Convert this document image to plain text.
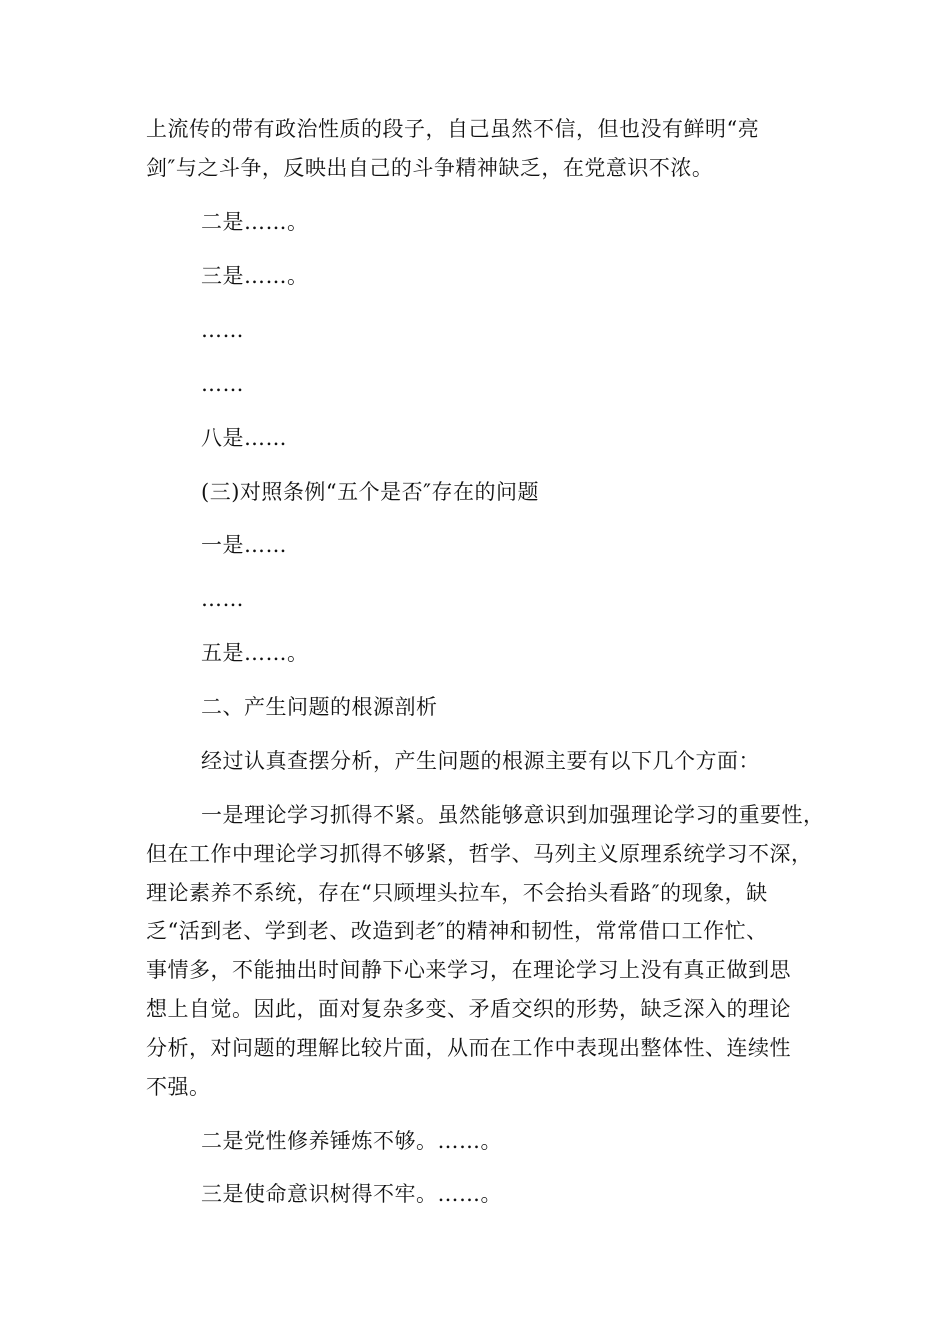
上流传的带有政治性质的段子，自己虽然不信，但也没有鲜明“亮
剑″与之斗争，反映出自己的斗争精神缺乏，在党意识不浓。
二是……。
三是……。
……
……
八是……
(三)对照条例“五个是否″存在的问题
一是……
……
五是……。
二、产生问题的根源剖析
经过认真查摆分析，产生问题的根源主要有以下几个方面：
一是理论学习抓得不紧。虽然能够意识到加强理论学习的重要性，
但在工作中理论学习抓得不够紧，哲学、马列主义原理系统学习不深，
理论素养不系统，存在“只顾埋头拉车，不会抬头看路″的现象，缺
乏“活到老、学到老、改造到老″的精神和韧性，常常借口工作忙、
事情多，不能抽出时间静下心来学习，在理论学习上没有真正做到思
想上自觉。因此，面对复杂多变、矛盾交织的形势，缺乏深入的理论
分析，对问题的理解比较片面，从而在工作中表现出整体性、连续性
不强。
二是党性修养锤炼不够。……。
三是使命意识树得不牢。……。
